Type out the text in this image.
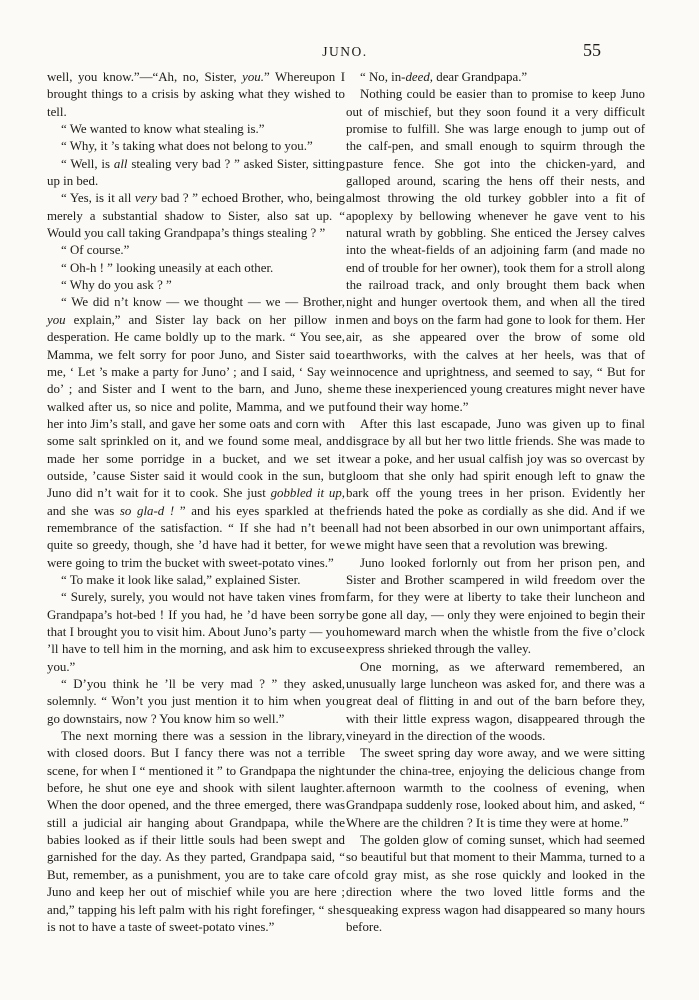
JUNO.	55

well, you know.”—“Ah, no, Sister, you.” Whereupon I brought things to a crisis by asking what they wished to tell.

“ We wanted to know what stealing is.”

“ Why, it ’s taking what does not belong to you.”

“ Well, is all stealing very bad ? ” asked Sister, sitting up in bed.

“ Yes, is it all very bad ? ” echoed Brother, who, being merely a substantial shadow to Sister, also sat up. “ Would you call taking Grandpapa’s things stealing ? ”

“ Of course.”

“ Oh-h ! ” looking uneasily at each other.

“ Why do you ask ? ”

“ We did n’t know — we thought — we — Brother, you explain,” and Sister lay back on her pillow in desperation. He came boldly up to the mark. “ You see, Mamma, we felt sorry for poor Juno, and Sister said to me, ‘ Let ’s make a party for Juno’ ; and I said, ‘ Say we do’ ; and Sister and I went to the barn, and Juno, she walked after us, so nice and polite, Mamma, and we put her into Jim’s stall, and gave her some oats and corn with some salt sprinkled on it, and we found some meal, and made her some porridge in a bucket, and we set it outside, ’cause Sister said it would cook in the sun, but Juno did n’t wait for it to cook. She just gobbled it up, and she was so gla-d ! ” and his eyes sparkled at the remembrance of the satisfaction. “ If she had n’t been quite so greedy, though, she ’d have had it better, for we were going to trim the bucket with sweet-potato vines.”

“ To make it look like salad,” explained Sister.

“ Surely, surely, you would not have taken vines from Grandpapa’s hot-bed ! If you had, he ’d have been sorry that I brought you to visit him. About Juno’s party — you ’ll have to tell him in the morning, and ask him to excuse you.”

“ D’you think he ’ll be very mad ? ” they asked, solemnly. “ Won’t you just mention it to him when you go downstairs, now ? You know him so well.”

The next morning there was a session in the library, with closed doors. But I fancy there was not a terrible scene, for when I “ mentioned it ” to Grandpapa the night before, he shut one eye and shook with silent laughter. When the door opened, and the three emerged, there was still a judicial air hanging about Grandpapa, while the babies looked as if their little souls had been swept and garnished for the day. As they parted, Grandpapa said, “ But, remember, as a punishment, you are to take care of Juno and keep her out of mischief while you are here ; and,” tapping his left palm with his right forefinger, “ she is not to have a taste of sweet-potato vines.”

“ No, in-deed, dear Grandpapa.”

Nothing could be easier than to promise to keep Juno out of mischief, but they soon found it a very difficult promise to fulfill. She was large enough to jump out of the calf-pen, and small enough to squirm through the pasture fence. She got into the chicken-yard, and galloped around, scaring the hens off their nests, and almost throwing the old turkey gobbler into a fit of apoplexy by bellowing whenever he gave vent to his natural wrath by gobbling. She enticed the Jersey calves into the wheat-fields of an adjoining farm (and made no end of trouble for her owner), took them for a stroll along the railroad track, and only brought them back when night and hunger overtook them, and when all the tired men and boys on the farm had gone to look for them. Her air, as she appeared over the brow of some old earthworks, with the calves at her heels, was that of innocence and uprightness, and seemed to say, “ But for me these inexperienced young creatures might never have found their way home.”

After this last escapade, Juno was given up to final disgrace by all but her two little friends. She was made to wear a poke, and her usual calfish joy was so overcast by gloom that she only had spirit enough left to gnaw the bark off the young trees in her prison. Evidently her friends hated the poke as cordially as she did. And if we all had not been absorbed in our own unimportant affairs, we might have seen that a revolution was brewing.

Juno looked forlornly out from her prison pen, and Sister and Brother scampered in wild freedom over the farm, for they were at liberty to take their luncheon and be gone all day, — only they were enjoined to begin their homeward march when the whistle from the five o’clock express shrieked through the valley.

One morning, as we afterward remembered, an unusually large luncheon was asked for, and there was a great deal of flitting in and out of the barn before they, with their little express wagon, disappeared through the vineyard in the direction of the woods.

The sweet spring day wore away, and we were sitting under the china-tree, enjoying the delicious change from afternoon warmth to the coolness of evening, when Grandpapa suddenly rose, looked about him, and asked, “ Where are the children ? It is time they were at home.”

The golden glow of coming sunset, which had seemed so beautiful but that moment to their Mamma, turned to a cold gray mist, as she rose quickly and looked in the direction where the two loved little forms and the squeaking express wagon had disappeared so many hours before.
